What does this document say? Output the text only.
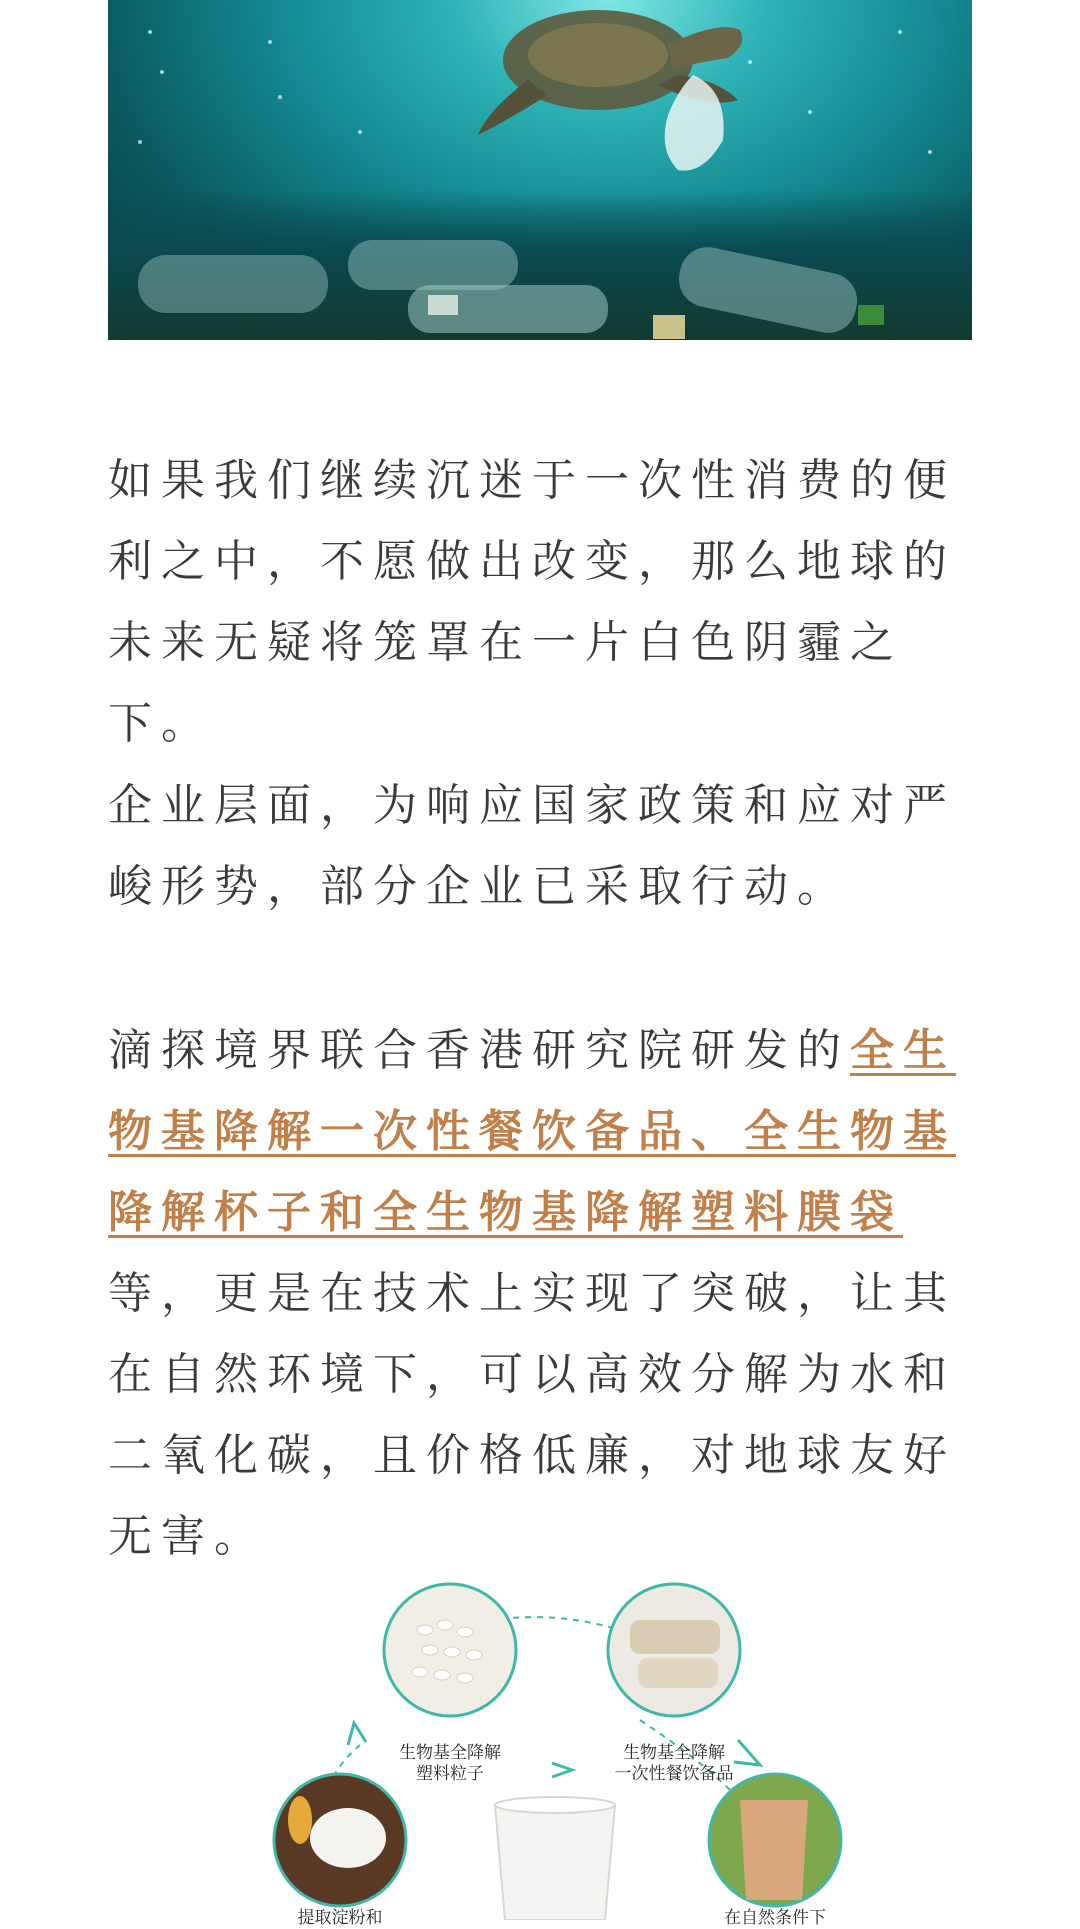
如果我们继续沉迷于一次性消费的便利之中，不愿做出改变，那么地球的未来无疑将笼罩在一片白色阴霾之下。

企业层面，为响应国家政策和应对严峻形势，部分企业已采取行动。

滴探境界联合香港研究院研发的全生物基降解一次性餐饮备品、全生物基降解杯子和全生物基降解塑料膜袋等，更是在技术上实现了突破，让其在自然环境下，可以高效分解为水和二氧化碳，且价格低廉，对地球友好无害。

生物基全降解
塑料粒子
生物基全降解
一次性餐饮备品
提取淀粉和	在自然条件下
